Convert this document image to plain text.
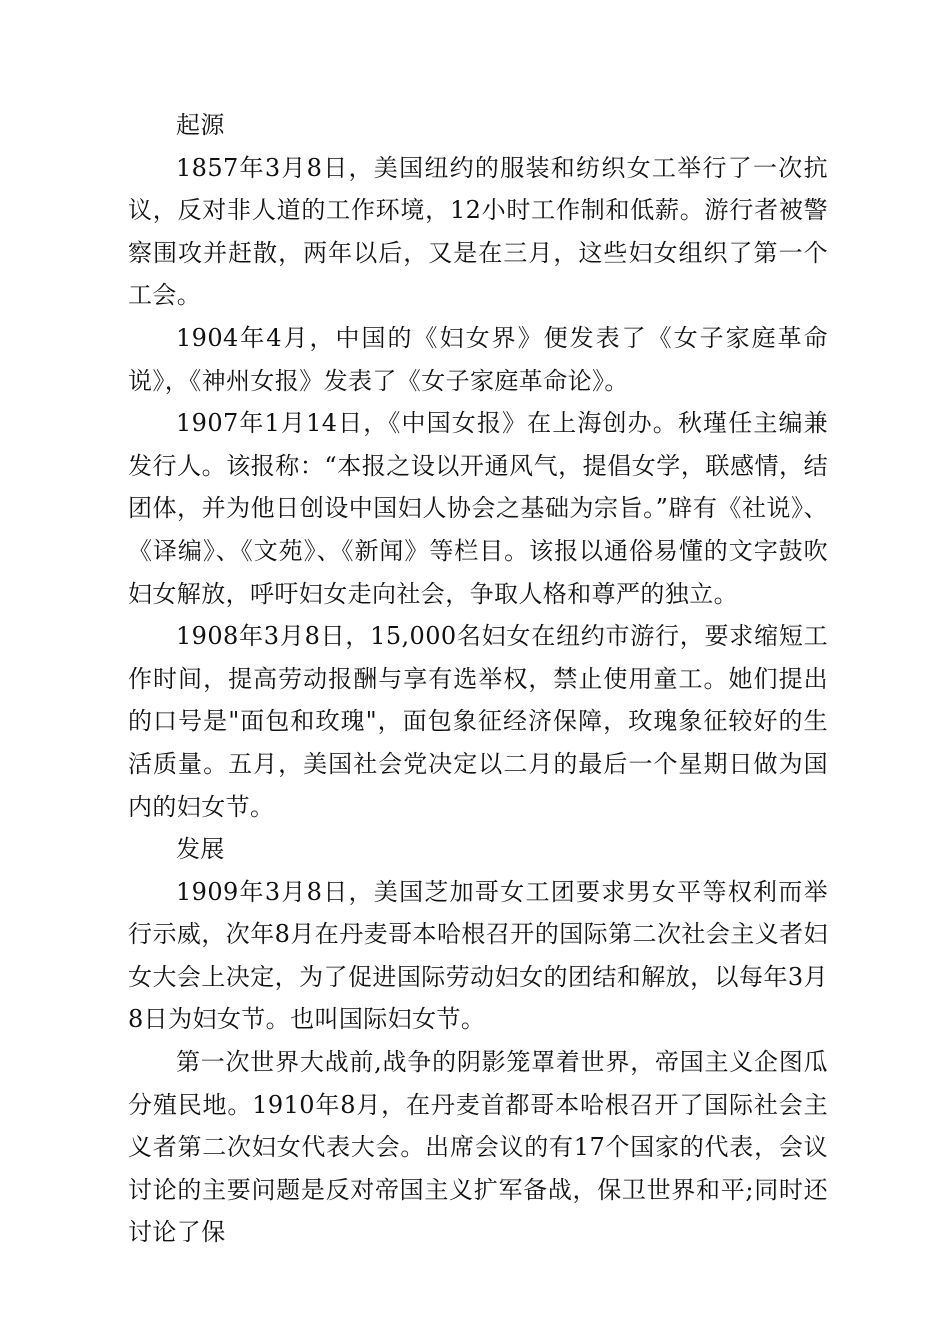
起源

1857年3月8日，美国纽约的服装和纺织女工举行了一次抗议，反对非人道的工作环境，12小时工作制和低薪。游行者被警察围攻并赶散，两年以后，又是在三月，这些妇女组织了第一个工会。

1904年4月，中国的《妇女界》便发表了《女子家庭革命说》，《神州女报》发表了《女子家庭革命论》。

1907年1月14日，《中国女报》在上海创办。秋瑾任主编兼发行人。该报称：“本报之设以开通风气，提倡女学，联感情，结团体，并为他日创设中国妇人协会之基础为宗旨。”辟有《社说》、《译编》、《文苑》、《新闻》等栏目。该报以通俗易懂的文字鼓吹妇女解放，呼吁妇女走向社会，争取人格和尊严的独立。

1908年3月8日，15,000名妇女在纽约市游行，要求缩短工作时间，提高劳动报酬与享有选举权，禁止使用童工。她们提出的口号是"面包和玫瑰"，面包象征经济保障，玫瑰象征较好的生活质量。五月，美国社会党决定以二月的最后一个星期日做为国内的妇女节。

发展

1909年3月8日，美国芝加哥女工团要求男女平等权利而举行示威，次年8月在丹麦哥本哈根召开的国际第二次社会主义者妇女大会上决定，为了促进国际劳动妇女的团结和解放，以每年3月8日为妇女节。也叫国际妇女节。

第一次世界大战前,战争的阴影笼罩着世界，帝国主义企图瓜分殖民地。1910年8月，在丹麦首都哥本哈根召开了国际社会主义者第二次妇女代表大会。出席会议的有17个国家的代表，会议讨论的主要问题是反对帝国主义扩军备战，保卫世界和平;同时还讨论了保
